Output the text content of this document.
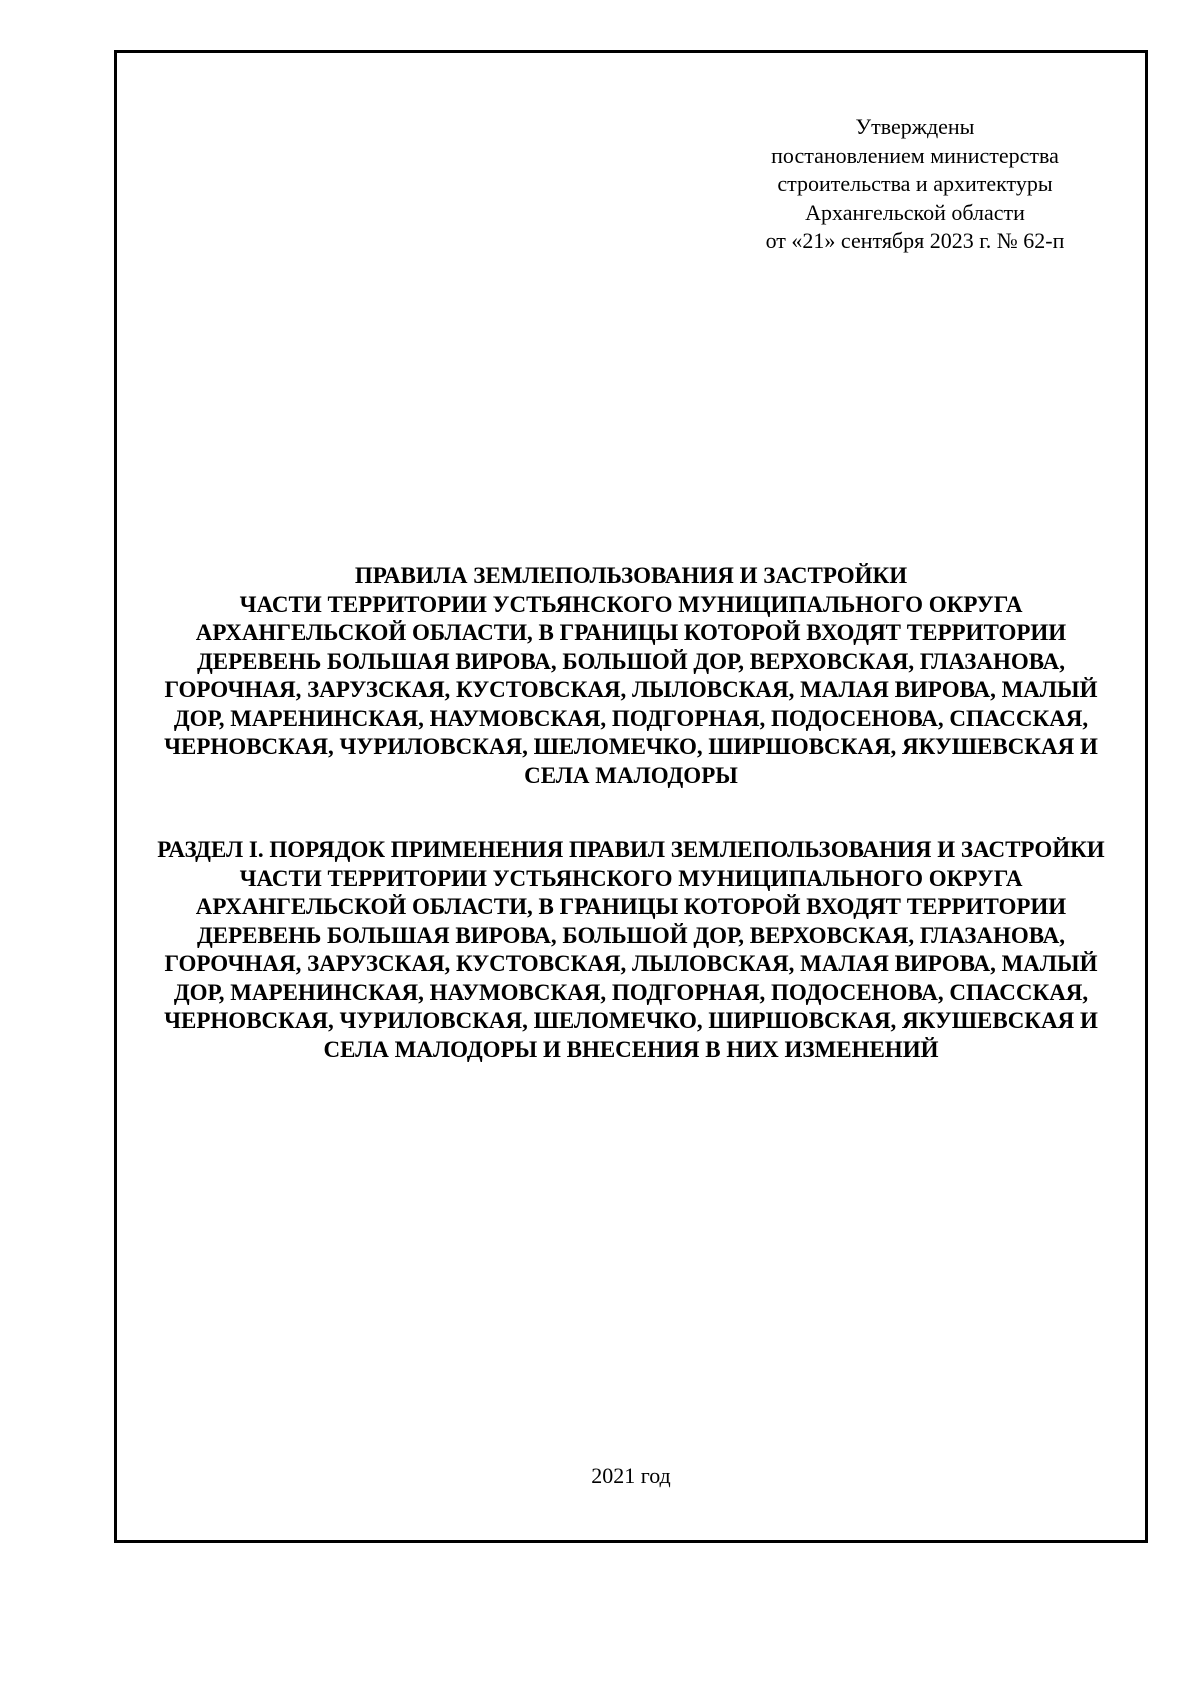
Утверждены
постановлением министерства
строительства и архитектуры
Архангельской области
от «21» сентября 2023 г. № 62-п
ПРАВИЛА ЗЕМЛЕПОЛЬЗОВАНИЯ И ЗАСТРОЙКИ
ЧАСТИ ТЕРРИТОРИИ УСТЬЯНСКОГО МУНИЦИПАЛЬНОГО ОКРУГА
АРХАНГЕЛЬСКОЙ ОБЛАСТИ, В ГРАНИЦЫ КОТОРОЙ ВХОДЯТ ТЕРРИТОРИИ
ДЕРЕВЕНЬ БОЛЬШАЯ ВИРОВА, БОЛЬШОЙ ДОР, ВЕРХОВСКАЯ, ГЛАЗАНОВА,
ГОРОЧНАЯ, ЗАРУЗСКАЯ, КУСТОВСКАЯ, ЛЫЛОВСКАЯ, МАЛАЯ ВИРОВА, МАЛЫЙ
ДОР, МАРЕНИНСКАЯ, НАУМОВСКАЯ, ПОДГОРНАЯ, ПОДОСЕНОВА, СПАССКАЯ,
ЧЕРНОВСКАЯ, ЧУРИЛОВСКАЯ, ШЕЛОМЕЧКО, ШИРШОВСКАЯ, ЯКУШЕВСКАЯ И
СЕЛА МАЛОДОРЫ
РАЗДЕЛ I. ПОРЯДОК ПРИМЕНЕНИЯ ПРАВИЛ ЗЕМЛЕПОЛЬЗОВАНИЯ И ЗАСТРОЙКИ
ЧАСТИ ТЕРРИТОРИИ УСТЬЯНСКОГО МУНИЦИПАЛЬНОГО ОКРУГА
АРХАНГЕЛЬСКОЙ ОБЛАСТИ, В ГРАНИЦЫ КОТОРОЙ ВХОДЯТ ТЕРРИТОРИИ
ДЕРЕВЕНЬ БОЛЬШАЯ ВИРОВА, БОЛЬШОЙ ДОР, ВЕРХОВСКАЯ, ГЛАЗАНОВА,
ГОРОЧНАЯ, ЗАРУЗСКАЯ, КУСТОВСКАЯ, ЛЫЛОВСКАЯ, МАЛАЯ ВИРОВА, МАЛЫЙ
ДОР, МАРЕНИНСКАЯ, НАУМОВСКАЯ, ПОДГОРНАЯ, ПОДОСЕНОВА, СПАССКАЯ,
ЧЕРНОВСКАЯ, ЧУРИЛОВСКАЯ, ШЕЛОМЕЧКО, ШИРШОВСКАЯ, ЯКУШЕВСКАЯ И
СЕЛА МАЛОДОРЫ И ВНЕСЕНИЯ В НИХ ИЗМЕНЕНИЙ
2021 год
